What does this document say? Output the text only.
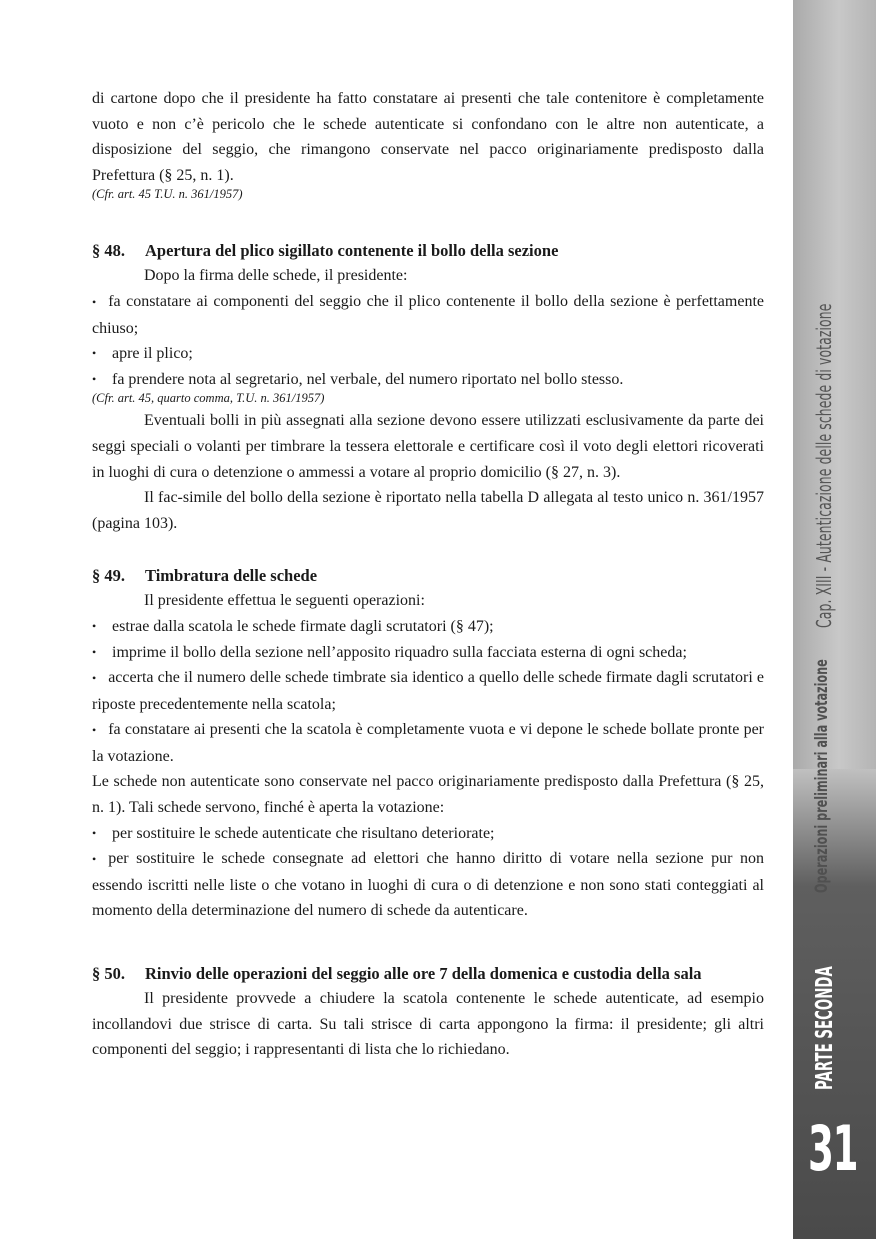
di cartone dopo che il presidente ha fatto constatare ai presenti che tale contenitore è completamente vuoto e non c’è pericolo che le schede autenticate si confondano con le altre non autenticate, a disposizione del seggio, che rimangono conservate nel pacco originariamente predisposto dalla Prefettura (§ 25, n. 1).

(Cfr. art. 45 T.U. n. 361/1957)

§ 48.	Apertura del plico sigillato contenente il bollo della sezione

Dopo la firma delle schede, il presidente:

• fa constatare ai componenti del seggio che il plico contenente il bollo della sezione è perfettamente chiuso;
• apre il plico;
• fa prendere nota al segretario, nel verbale, del numero riportato nel bollo stesso.

(Cfr. art. 45, quarto comma, T.U. n. 361/1957)

Eventuali bolli in più assegnati alla sezione devono essere utilizzati esclusivamente da parte dei seggi speciali o volanti per timbrare la tessera elettorale e certificare così il voto degli elettori ricoverati in luoghi di cura o detenzione o ammessi a votare al proprio domicilio (§ 27, n. 3).

Il fac-simile del bollo della sezione è riportato nella tabella D allegata al testo unico n. 361/1957 (pagina 103).

§ 49.	Timbratura delle schede

Il presidente effettua le seguenti operazioni:

• estrae dalla scatola le schede firmate dagli scrutatori (§ 47);
• imprime il bollo della sezione nell’apposito riquadro sulla facciata esterna di ogni scheda;
• accerta che il numero delle schede timbrate sia identico a quello delle schede firmate dagli scrutatori e riposte precedentemente nella scatola;
• fa constatare ai presenti che la scatola è completamente vuota e vi depone le schede bollate pronte per la votazione.

Le schede non autenticate sono conservate nel pacco originariamente predisposto dalla Prefettura (§ 25, n. 1). Tali schede servono, finché è aperta la votazione:

• per sostituire le schede autenticate che risultano deteriorate;
• per sostituire le schede consegnate ad elettori che hanno diritto di votare nella sezione pur non essendo iscritti nelle liste o che votano in luoghi di cura o di detenzione e non sono stati conteggiati al momento della determinazione del numero di schede da autenticare.
§ 50.	Rinvio delle operazioni del seggio alle ore 7 della domenica e custodia della sala

Il presidente provvede a chiudere la scatola contenente le schede autenticate, ad esempio incollandovi due strisce di carta. Su tali strisce di carta appongono la firma: il presidente; gli altri componenti del seggio; i rappresentanti di lista che lo richiedano.

Cap. XIII - Autenticazione delle schede di votazione
Operazioni preliminari alla votazione
PARTE SECONDA
31
